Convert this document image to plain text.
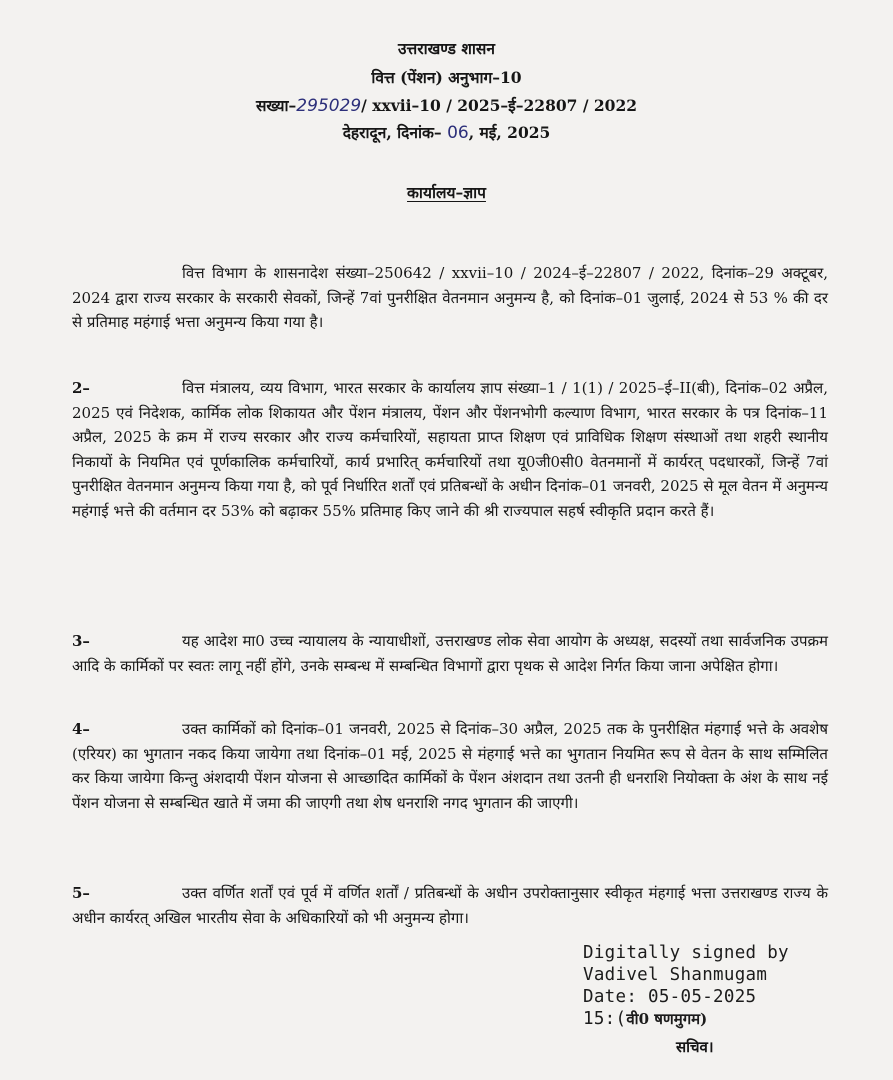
उत्तराखण्ड शासन
वित्त (पेंशन) अनुभाग–10
सख्या–295029/ xxvii–10 / 2025–ई–22807 / 2022
देहरादून, दिनांक– 06, मई, 2025
कार्यालय–ज्ञाप
वित्त विभाग के शासनादेश संख्या–250642 / xxvii–10 / 2024–ई–22807 / 2022, दिनांक–29 अक्टूबर, 2024 द्वारा राज्य सरकार के सरकारी सेवकों, जिन्हें 7वां पुनरीक्षित वेतनमान अनुमन्य है, को दिनांक–01 जुलाई, 2024 से 53 % की दर से प्रतिमाह महंगाई भत्ता अनुमन्य किया गया है।
2–	वित्त मंत्रालय, व्यय विभाग, भारत सरकार के कार्यालय ज्ञाप संख्या–1 / 1(1) / 2025–ई–II(बी), दिनांक–02 अप्रैल, 2025 एवं निदेशक, कार्मिक लोक शिकायत और पेंशन मंत्रालय, पेंशन और पेंशनभोगी कल्याण विभाग, भारत सरकार के पत्र दिनांक–11 अप्रैल, 2025 के क्रम में राज्य सरकार और राज्य कर्मचारियों, सहायता प्राप्त शिक्षण एवं प्राविधिक शिक्षण संस्थाओं तथा शहरी स्थानीय निकायों के नियमित एवं पूर्णकालिक कर्मचारियों, कार्य प्रभारित् कर्मचारियों तथा यू0जी0सी0 वेतनमानों में कार्यरत् पदधारकों, जिन्हें 7वां पुनरीक्षित वेतनमान अनुमन्य किया गया है, को पूर्व निर्धारित शर्तों एवं प्रतिबन्धों के अधीन दिनांक–01 जनवरी, 2025 से मूल वेतन में अनुमन्य महंगाई भत्ते की वर्तमान दर 53% को बढ़ाकर 55% प्रतिमाह किए जाने की श्री राज्यपाल सहर्ष स्वीकृति प्रदान करते हैं।
3–	यह आदेश मा0 उच्च न्यायालय के न्यायाधीशों, उत्तराखण्ड लोक सेवा आयोग के अध्यक्ष, सदस्यों तथा सार्वजनिक उपक्रम आदि के कार्मिकों पर स्वतः लागू नहीं होंगे, उनके सम्बन्ध में सम्बन्धित विभागों द्वारा पृथक से आदेश निर्गत किया जाना अपेक्षित होगा।
4–	उक्त कार्मिकों को दिनांक–01 जनवरी, 2025 से दिनांक–30 अप्रैल, 2025 तक के पुनरीक्षित मंहगाई भत्ते के अवशेष (एरियर) का भुगतान नकद किया जायेगा तथा दिनांक–01 मई, 2025 से मंहगाई भत्ते का भुगतान नियमित रूप से वेतन के साथ सम्मिलित कर किया जायेगा किन्तु अंशदायी पेंशन योजना से आच्छादित कार्मिकों के पेंशन अंशदान तथा उतनी ही धनराशि नियोक्ता के अंश के साथ नई पेंशन योजना से सम्बन्धित खाते में जमा की जाएगी तथा शेष धनराशि नगद भुगतान की जाएगी।
5–	उक्त वर्णित शर्तों एवं पूर्व में वर्णित शर्तों / प्रतिबन्धों के अधीन उपरोक्तानुसार स्वीकृत मंहगाई भत्ता उत्तराखण्ड राज्य के अधीन कार्यरत् अखिल भारतीय सेवा के अधिकारियों को भी अनुमन्य होगा।
Digitally signed by
Vadivel Shanmugam
Date: 05-05-2025
15:(वी0 षणमुगम)
सचिव।
